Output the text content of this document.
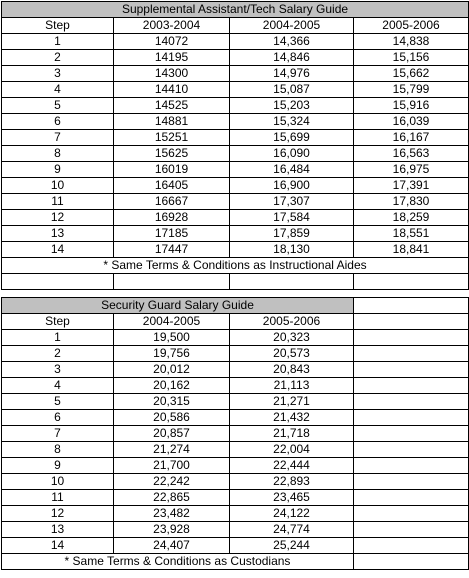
Supplemental Assistant/Tech Salary Guide			
Step	2003-2004	2004-2005	2005-2006
1	14072	14,366	14,838
2	14195	14,846	15,156
3	14300	14,976	15,662
4	14410	15,087	15,799
5	14525	15,203	15,916
6	14881	15,324	16,039
7	15251	15,699	16,167
8	15625	16,090	16,563
9	16019	16,484	16,975
10	16405	16,900	17,391
11	16667	17,307	17,830
12	16928	17,584	18,259
13	17185	17,859	18,551
14	17447	18,130	18,841
* Same Terms & Conditions as Instructional Aides			

Security Guard Salary Guide			
Step	2004-2005	2005-2006	
1	19,500	20,323	
2	19,756	20,573	
3	20,012	20,843	
4	20,162	21,113	
5	20,315	21,271	
6	20,586	21,432	
7	20,857	21,718	
8	21,274	22,004	
9	21,700	22,444	
10	22,242	22,893	
11	22,865	23,465	
12	23,482	24,122	
13	23,928	24,774	
14	24,407	25,244	
* Same Terms & Conditions as Custodians			
